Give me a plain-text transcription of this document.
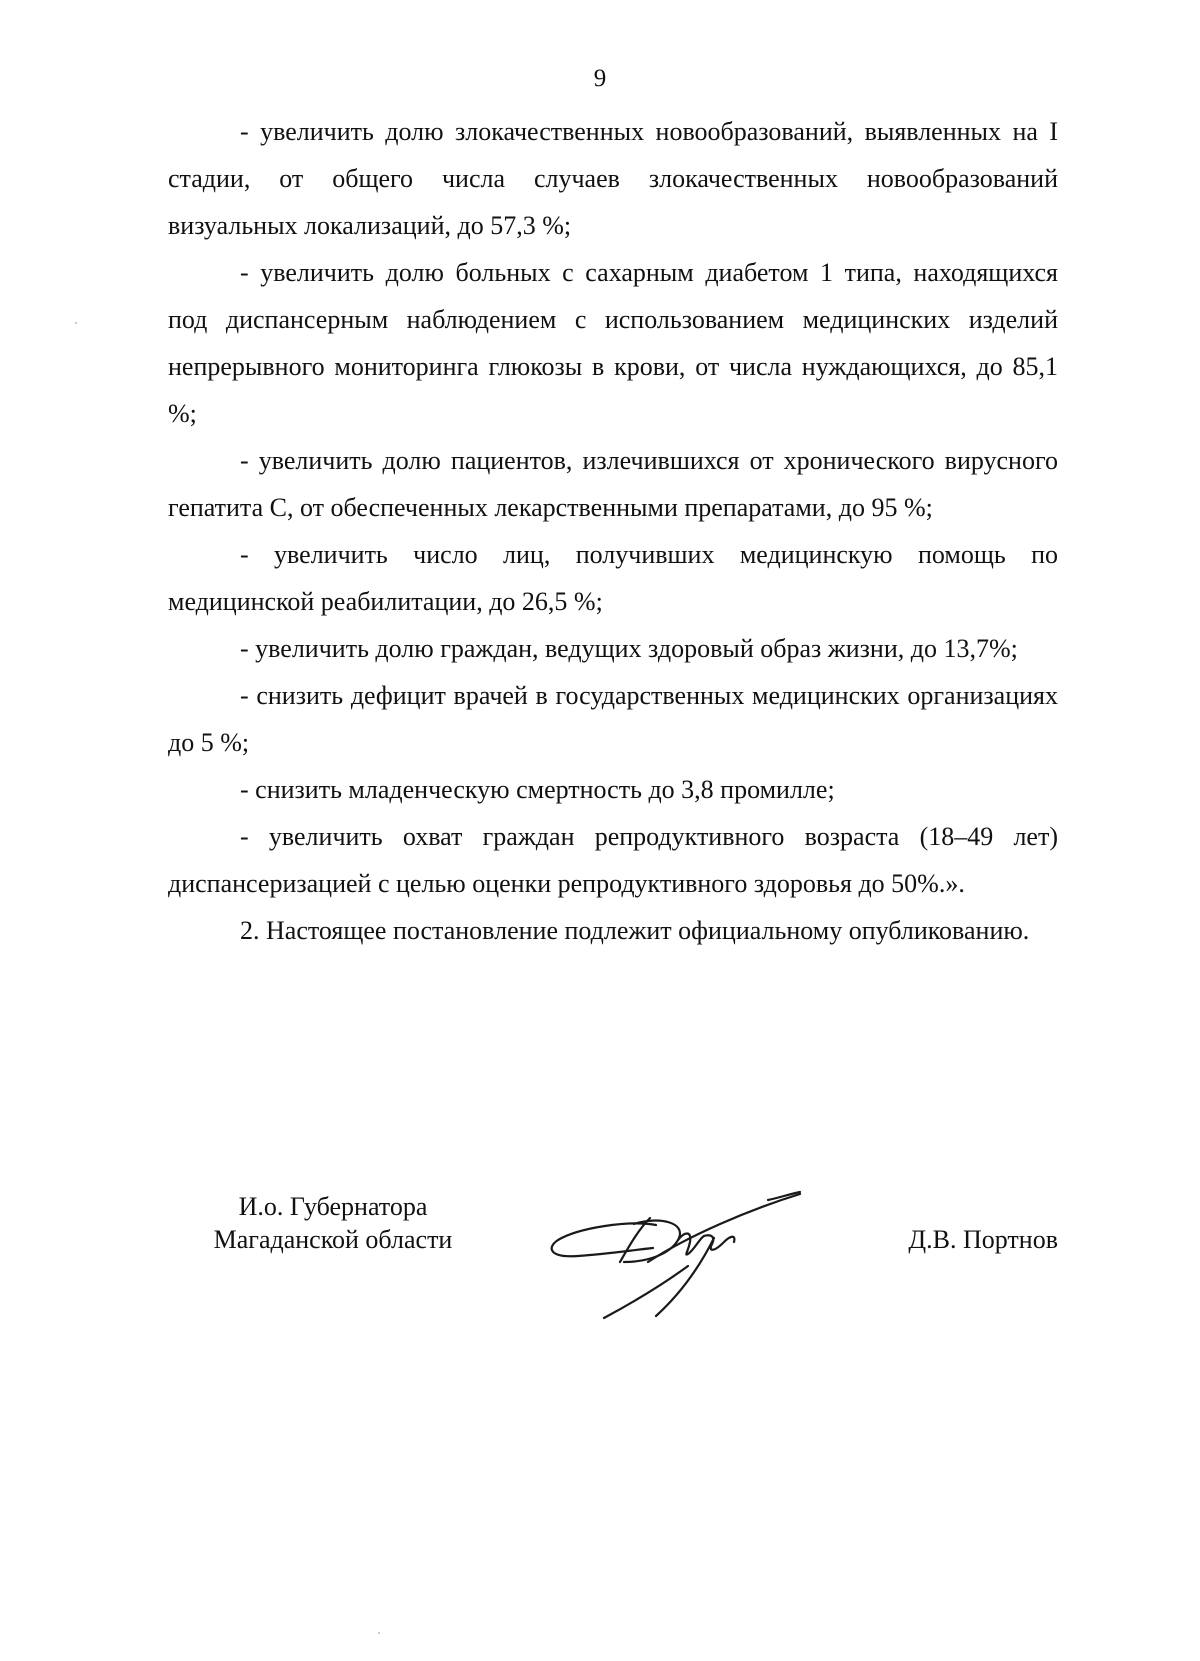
9

- увеличить долю злокачественных новообразований, выявленных на I стадии, от общего числа случаев злокачественных новообразований визуальных локализаций, до 57,3 %;

- увеличить долю больных с сахарным диабетом 1 типа, находящихся под диспансерным наблюдением с использованием медицинских изделий непрерывного мониторинга глюкозы в крови, от числа нуждающихся, до 85,1 %;

- увеличить долю пациентов, излечившихся от хронического вирусного гепатита С, от обеспеченных лекарственными препаратами, до 95 %;

- увеличить число лиц, получивших медицинскую помощь по медицинской реабилитации, до 26,5 %;

- увеличить долю граждан, ведущих здоровый образ жизни, до 13,7%;

- снизить дефицит врачей в государственных медицинских организациях до 5 %;

- снизить младенческую смертность до 3,8 промилле;

- увеличить охват граждан репродуктивного возраста (18–49 лет) диспансеризацией с целью оценки репродуктивного здоровья до 50%.».

2. Настоящее постановление подлежит официальному опубликованию.

И.о. Губернатора
Магаданской области	Д.В. Портнов
